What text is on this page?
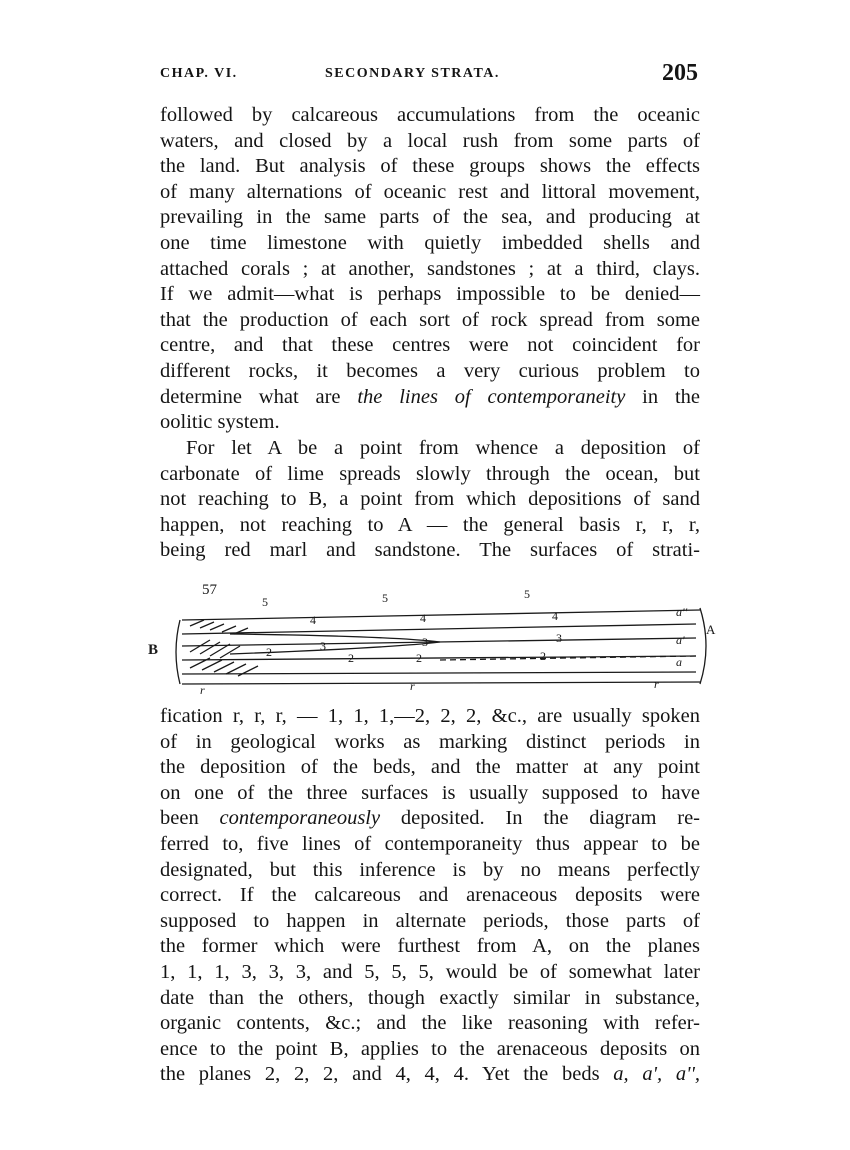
CHAP. VI.	SECONDARY STRATA.	205
followed by calcareous accumulations from the oceanic
waters, and closed by a local rush from some parts of
the land. But analysis of these groups shows the effects
of many alternations of oceanic rest and littoral movement,
prevailing in the same parts of the sea, and producing at
one time limestone with quietly imbedded shells and
attached corals ; at another, sandstones ; at a third, clays.
If we admit—what is perhaps impossible to be denied—
that the production of each sort of rock spread from some
centre, and that these centres were not coincident for
different rocks, it becomes a very curious problem to
determine what are the lines of contemporaneity in the
oolitic system.
For let A be a point from whence a deposition of
carbonate of lime spreads slowly through the ocean, but
not reaching to B, a point from which depositions of sand
happen, not reaching to A — the general basis r, r, r,
being red marl and sandstone. The surfaces of strati-
57
B
A
5	5	5
4	4	4
3	3	3
2	2	2	2
r	r	r
a''
a'
a
fication r, r, r, — 1, 1, 1,—2, 2, 2, &c., are usually spoken
of in geological works as marking distinct periods in
the deposition of the beds, and the matter at any point
on one of the three surfaces is usually supposed to have
been contemporaneously deposited. In the diagram re-
ferred to, five lines of contemporaneity thus appear to be
designated, but this inference is by no means perfectly
correct. If the calcareous and arenaceous deposits were
supposed to happen in alternate periods, those parts of
the former which were furthest from A, on the planes
1, 1, 1, 3, 3, 3, and 5, 5, 5, would be of somewhat later
date than the others, though exactly similar in substance,
organic contents, &c.; and the like reasoning with refer-
ence to the point B, applies to the arenaceous deposits on
the planes 2, 2, 2, and 4, 4, 4. Yet the beds a, a', a'',
